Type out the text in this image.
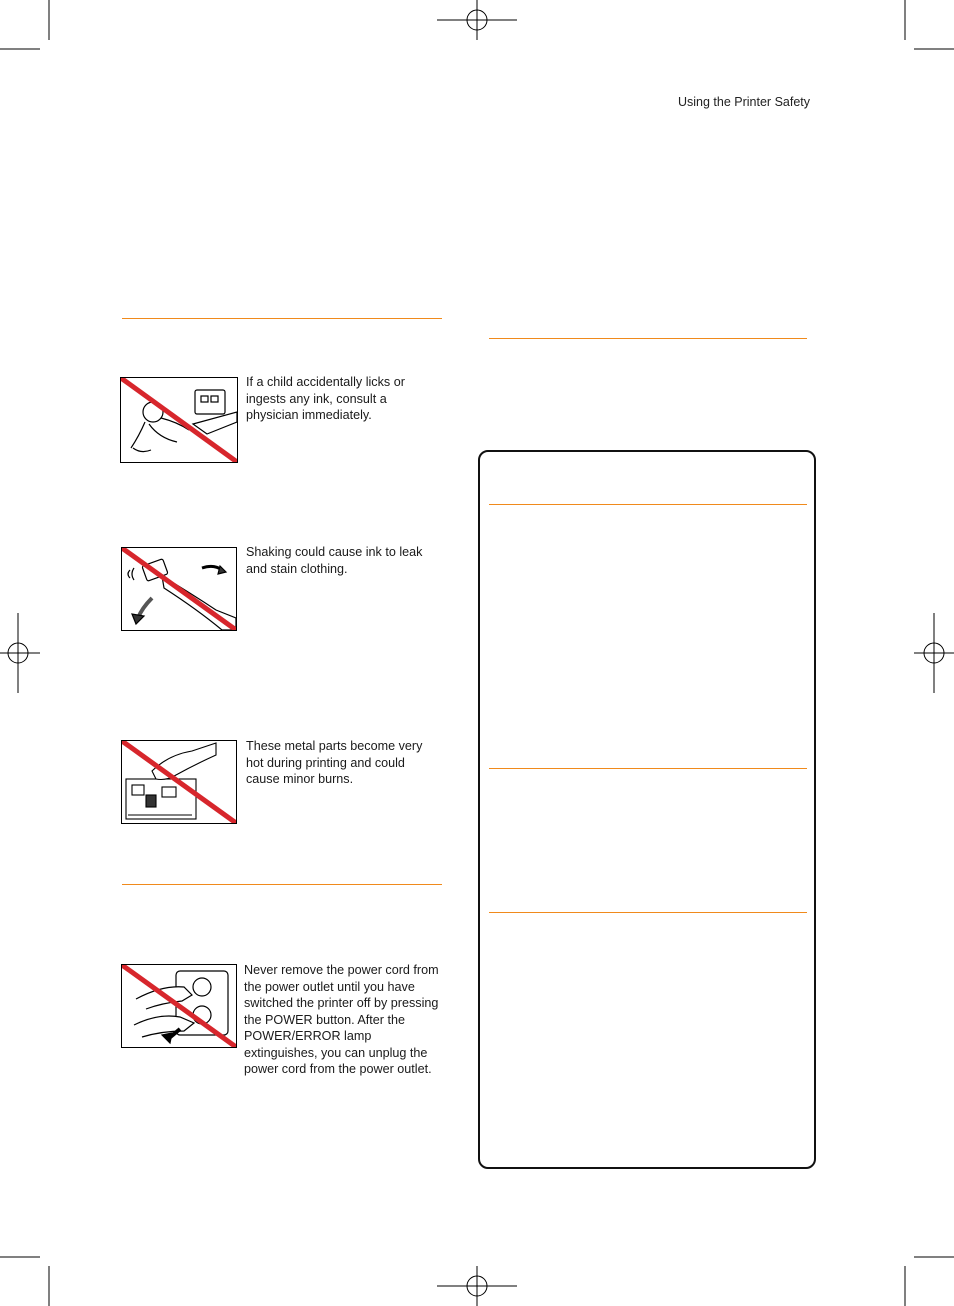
Using the Printer Safety
If a child accidentally licks or ingests any ink, consult a physician immediately.
Shaking could cause ink to leak and stain clothing.
These metal parts become very hot during printing and could cause minor burns.
Never remove the power cord from the power outlet until you have switched the printer off by pressing the POWER button. After the POWER/ERROR lamp extinguishes, you can unplug the power cord from the power outlet.
